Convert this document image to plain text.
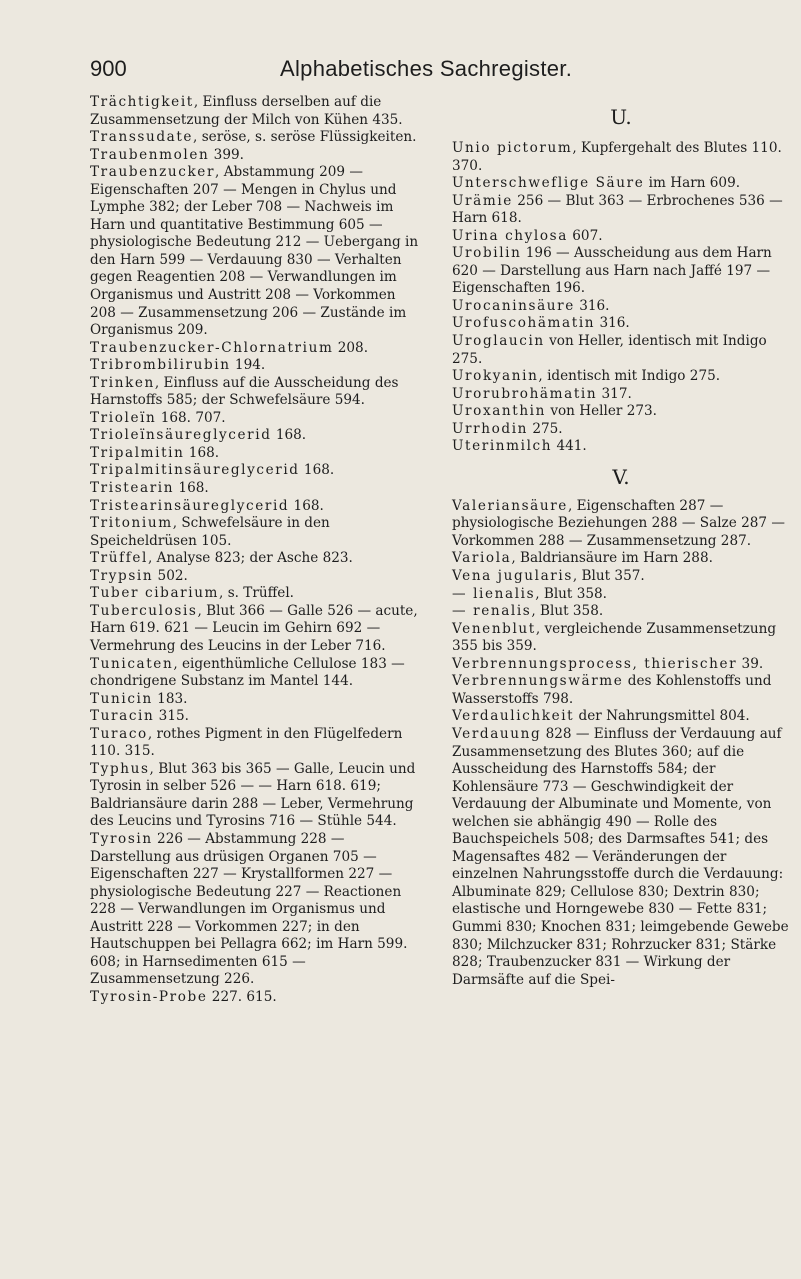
900	Alphabetisches Sachregister.
Trächtigkeit, Einfluss derselben auf die Zusammensetzung der Milch von Kühen 435.
Transsudate, seröse, s. seröse Flüssigkeiten.
Traubenmolen 399.
Traubenzucker, Abstammung 209 — Eigenschaften 207 — Mengen in Chylus und Lymphe 382; der Leber 708 — Nachweis im Harn und quantitative Bestimmung 605 — physiologische Bedeutung 212 — Uebergang in den Harn 599 — Verdauung 830 — Verhalten gegen Reagentien 208 — Verwandlungen im Organismus und Austritt 208 — Vorkommen 208 — Zusammensetzung 206 — Zustände im Organismus 209.
Traubenzucker-Chlornatrium 208.
Tribrombilirubin 194.
Trinken, Einfluss auf die Ausscheidung des Harnstoffs 585; der Schwefelsäure 594.
Trioleïn 168. 707.
Trioleïnsäureglycerid 168.
Tripalmitin 168.
Tripalmitinsäureglycerid 168.
Tristearin 168.
Tristearinsäureglycerid 168.
Tritonium, Schwefelsäure in den Speicheldrüsen 105.
Trüffel, Analyse 823; der Asche 823.
Trypsin 502.
Tuber cibarium, s. Trüffel.
Tuberculosis, Blut 366 — Galle 526 — acute, Harn 619. 621 — Leucin im Gehirn 692 — Vermehrung des Leucins in der Leber 716.
Tunicaten, eigenthümliche Cellulose 183 — chondrigene Substanz im Mantel 144.
Tunicin 183.
Turacin 315.
Turaco, rothes Pigment in den Flügelfedern 110. 315.
Typhus, Blut 363 bis 365 — Galle, Leucin und Tyrosin in selber 526 — — Harn 618. 619; Baldriansäure darin 288 — Leber, Vermehrung des Leucins und Tyrosins 716 — Stühle 544.
Tyrosin 226 — Abstammung 228 — Darstellung aus drüsigen Organen 705 — Eigenschaften 227 — Krystallformen 227 — physiologische Bedeutung 227 — Reactionen 228 — Verwandlungen im Organismus und Austritt 228 — Vorkommen 227; in den Hautschuppen bei Pellagra 662; im Harn 599. 608; in Harnsedimenten 615 — Zusammensetzung 226.
Tyrosin-Probe 227. 615.
U.
Unio pictorum, Kupfergehalt des Blutes 110. 370.
Unterschweflige Säure im Harn 609.
Urämie 256 — Blut 363 — Erbrochenes 536 — Harn 618.
Urina chylosa 607.
Urobilin 196 — Ausscheidung aus dem Harn 620 — Darstellung aus Harn nach Jaffé 197 — Eigenschaften 196.
Urocaninsäure 316.
Urofuscohämatin 316.
Uroglaucin von Heller, identisch mit Indigo 275.
Urokyanin, identisch mit Indigo 275.
Urorubrohämatin 317.
Uroxanthin von Heller 273.
Urrhodin 275.
Uterinmilch 441.
V.
Valeriansäure, Eigenschaften 287 — physiologische Beziehungen 288 — Salze 287 — Vorkommen 288 — Zusammensetzung 287.
Variola, Baldriansäure im Harn 288.
Vena jugularis, Blut 357.
— lienalis, Blut 358.
— renalis, Blut 358.
Venenblut, vergleichende Zusammensetzung 355 bis 359.
Verbrennungsprocess, thierischer 39.
Verbrennungswärme des Kohlenstoffs und Wasserstoffs 798.
Verdaulichkeit der Nahrungsmittel 804.
Verdauung 828 — Einfluss der Verdauung auf Zusammensetzung des Blutes 360; auf die Ausscheidung des Harnstoffs 584; der Kohlensäure 773 — Geschwindigkeit der Verdauung der Albuminate und Momente, von welchen sie abhängig 490 — Rolle des Bauchspeichels 508; des Darmsaftes 541; des Magensaftes 482 — Veränderungen der einzelnen Nahrungsstoffe durch die Verdauung: Albuminate 829; Cellulose 830; Dextrin 830; elastische und Horngewebe 830 — Fette 831; Gummi 830; Knochen 831; leimgebende Gewebe 830; Milchzucker 831; Rohrzucker 831; Stärke 828; Traubenzucker 831 — Wirkung der Darmsäfte auf die Spei-
